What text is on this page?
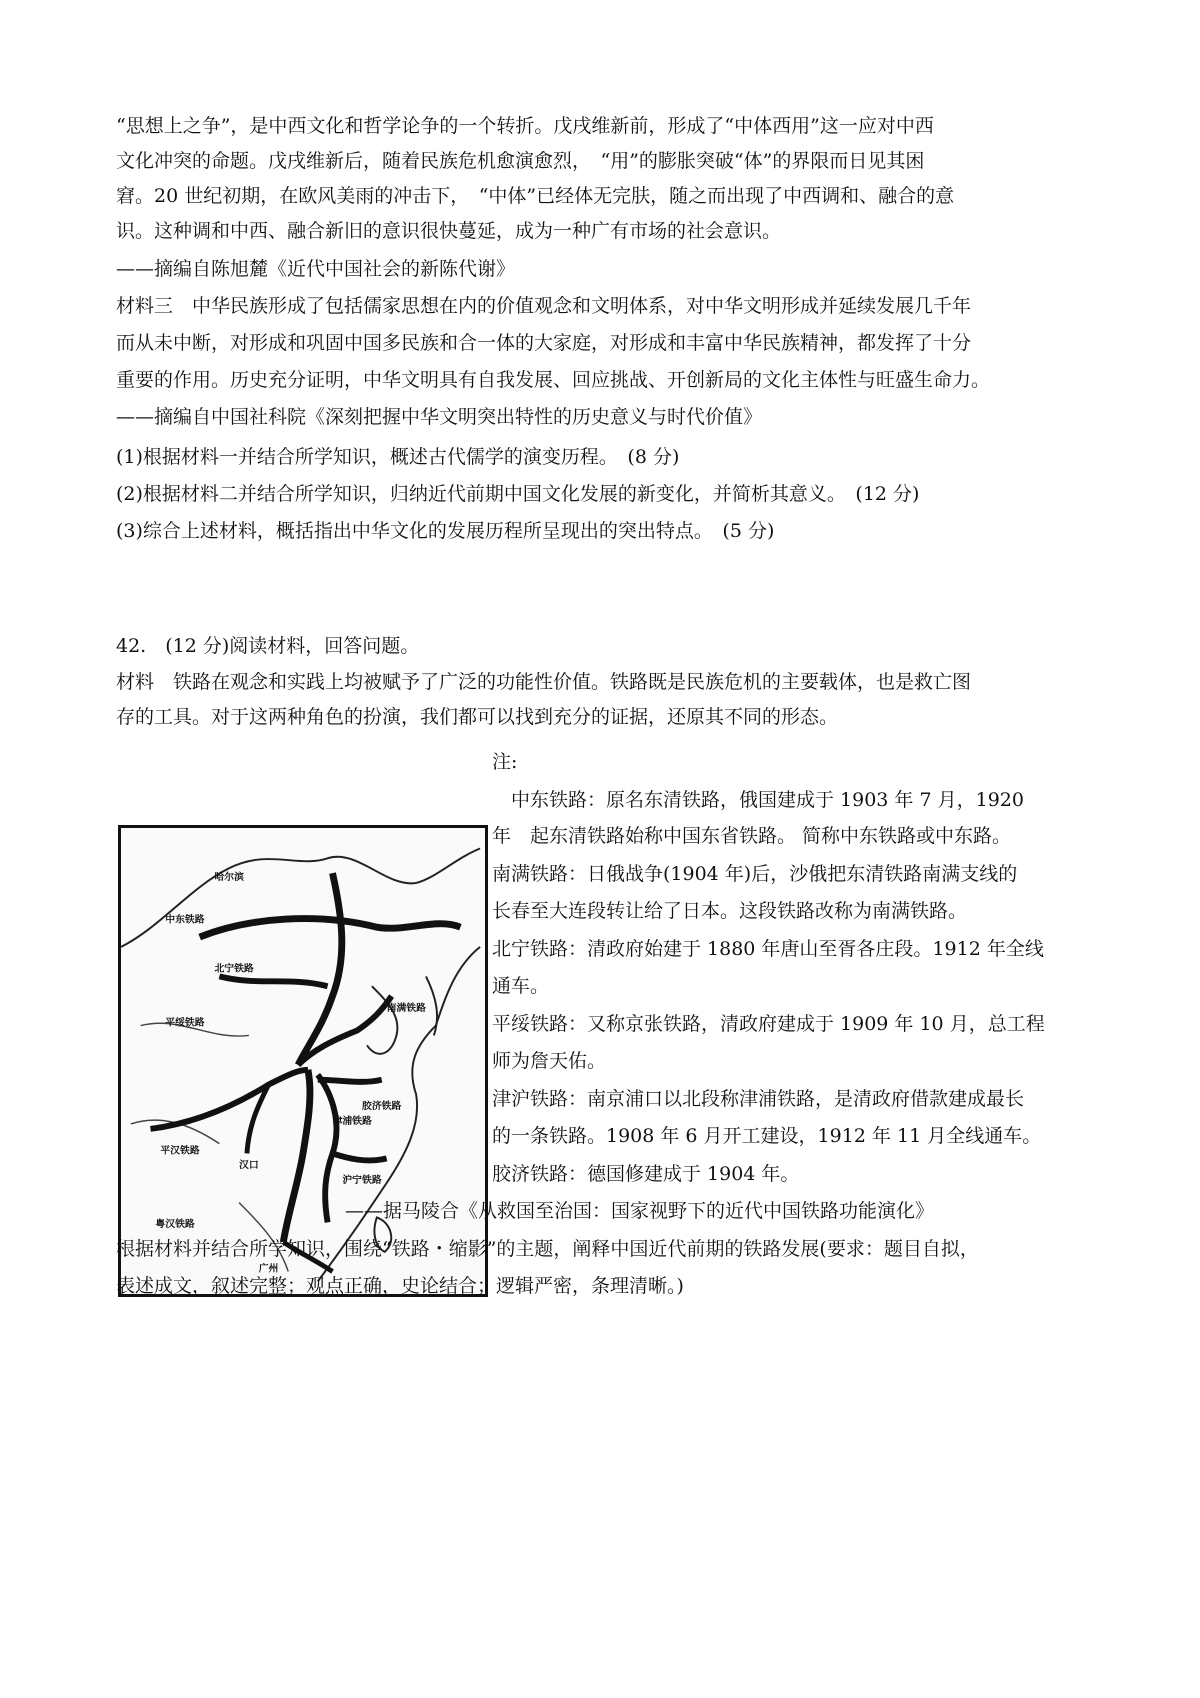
“思想上之争”，是中西文化和哲学论争的一个转折。戊戌维新前，形成了“中体西用”这一应对中西
文化冲突的命题。戊戌维新后，随着民族危机愈演愈烈，　“用”的膨胀突破“体”的界限而日见其困
窘。20 世纪初期，在欧风美雨的冲击下，　“中体”已经体无完肤，随之而出现了中西调和、融合的意
识。这种调和中西、融合新旧的意识很快蔓延，成为一种广有市场的社会意识。
——摘编自陈旭麓《近代中国社会的新陈代谢》
材料三　中华民族形成了包括儒家思想在内的价值观念和文明体系，对中华文明形成并延续发展几千年
而从未中断，对形成和巩固中国多民族和合一体的大家庭，对形成和丰富中华民族精神，都发挥了十分
重要的作用。历史充分证明，中华文明具有自我发展、回应挑战、开创新局的文化主体性与旺盛生命力。
——摘编自中国社科院《深刻把握中华文明突出特性的历史意义与时代价值》
(1)根据材料一并结合所学知识，概述古代儒学的演变历程。　(8 分)
(2)根据材料二并结合所学知识，归纳近代前期中国文化发展的新变化，并简析其意义。　(12 分)
(3)综合上述材料，概括指出中华文化的发展历程所呈现出的突出特点。　(5 分)
42.　(12 分)阅读材料，回答问题。
材料　铁路在观念和实践上均被赋予了广泛的功能性价值。铁路既是民族危机的主要载体，也是救亡图
存的工具。对于这两种角色的扮演，我们都可以找到充分的证据，还原其不同的形态。
哈尔滨
中东铁路
北宁铁路
平绥铁路
南满铁路
胶济铁路
津浦铁路
平汉铁路
粤汉铁路
沪宁铁路
汉口
广州
注:
　中东铁路：原名东清铁路，俄国建成于 1903 年 7 月，1920
年　起东清铁路始称中国东省铁路。 简称中东铁路或中东路。
南满铁路：日俄战争(1904 年)后，沙俄把东清铁路南满支线的
长春至大连段转让给了日本。这段铁路改称为南满铁路。
北宁铁路：清政府始建于 1880 年唐山至胥各庄段。1912 年全线
通车。
平绥铁路：又称京张铁路，清政府建成于 1909 年 10 月，总工程
师为詹天佑。
津沪铁路：南京浦口以北段称津浦铁路，是清政府借款建成最长
的一条铁路。1908 年 6 月开工建设，1912 年 11 月全线通车。
胶济铁路：德国修建成于 1904 年。
——据马陵合《从救国至治国：国家视野下的近代中国铁路功能演化》
根据材料并结合所学知识，围绕“铁路・缩影”的主题，阐释中国近代前期的铁路发展(要求：题目自拟，
表述成文，叙述完整；观点正确，史论结合；逻辑严密，条理清晰。)
